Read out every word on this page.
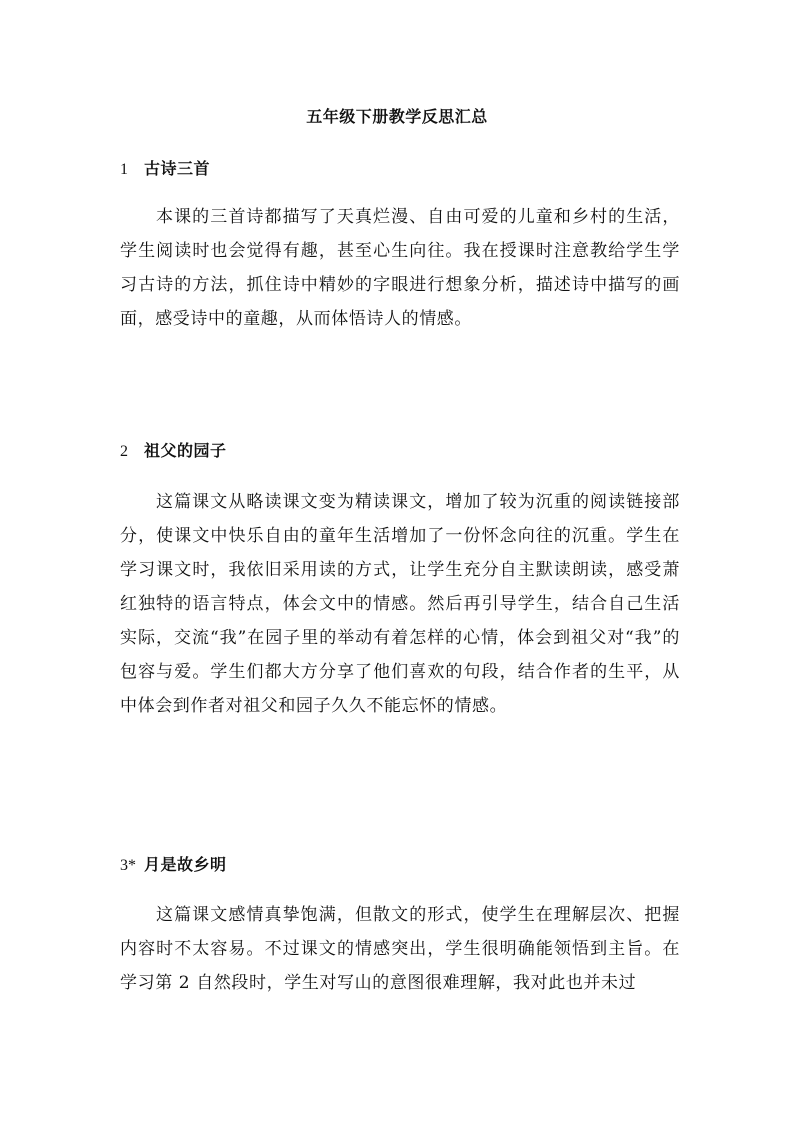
五年级下册教学反思汇总
1 古诗三首

本课的三首诗都描写了天真烂漫、自由可爱的儿童和乡村的生活，学生阅读时也会觉得有趣，甚至心生向往。我在授课时注意教给学生学习古诗的方法，抓住诗中精妙的字眼进行想象分析，描述诗中描写的画面，感受诗中的童趣，从而体悟诗人的情感。

2 祖父的园子

这篇课文从略读课文变为精读课文，增加了较为沉重的阅读链接部分，使课文中快乐自由的童年生活增加了一份怀念向往的沉重。学生在学习课文时，我依旧采用读的方式，让学生充分自主默读朗读，感受萧红独特的语言特点，体会文中的情感。然后再引导学生，结合自己生活实际，交流“我”在园子里的举动有着怎样的心情，体会到祖父对“我”的包容与爱。学生们都大方分享了他们喜欢的句段，结合作者的生平，从中体会到作者对祖父和园子久久不能忘怀的情感。

3* 月是故乡明

这篇课文感情真挚饱满，但散文的形式，使学生在理解层次、把握内容时不太容易。不过课文的情感突出，学生很明确能领悟到主旨。在学习第 2 自然段时，学生对写山的意图很难理解，我对此也并未过
